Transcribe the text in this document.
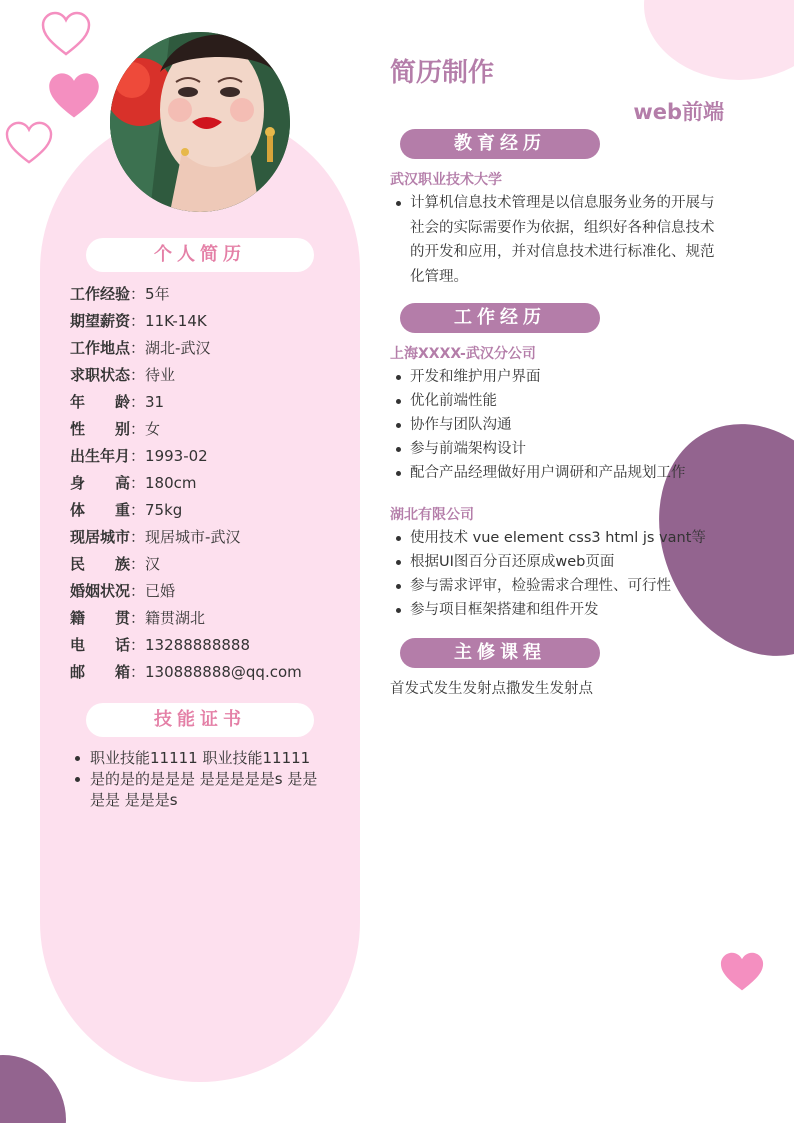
个人简历
工作经验 ： 5年
期望薪资 ： 11K-14K
工作地点 ： 湖北-武汉
求职状态 ： 待业
年 龄 ： 31
性 别 ： 女
出生年月 ： 1993-02
身 高 ： 180cm
体 重 ： 75kg
现居城市 ： 现居城市-武汉
民 族 ： 汉
婚姻状况 ： 已婚
籍 贯 ： 籍贯湖北
电 话 ： 13288888888
邮 箱 ： 130888888@qq.com
技能证书
职业技能11111 职业技能11111
是的是的是是是 是是是是是s 是是是是 是是是s
简历制作
web前端
教育经历
武汉职业技术大学
计算机信息技术管理是以信息服务业务的开展与社会的实际需要作为依据，组织好各种信息技术的开发和应用，并对信息技术进行标准化、规范化管理。
工作经历
上海XXXX-武汉分公司
开发和维护用户界面
优化前端性能
协作与团队沟通
参与前端架构设计
配合产品经理做好用户调研和产品规划工作
湖北有限公司
使用技术 vue element css3 html js vant等
根据UI图百分百还原成web页面
参与需求评审，检验需求合理性、可行性
参与项目框架搭建和组件开发
主修课程
首发式发生发射点撒发生发射点
